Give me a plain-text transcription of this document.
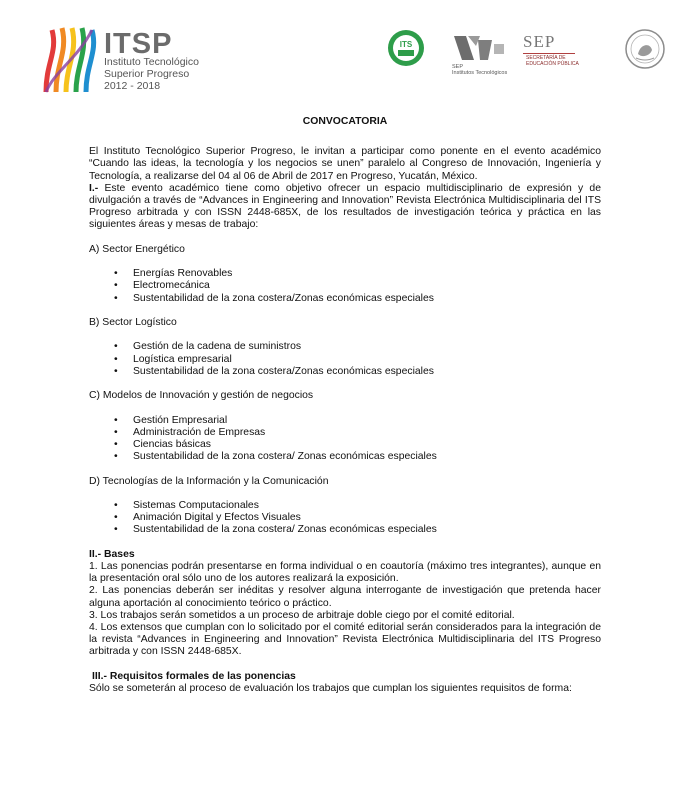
ITSP
Instituto Tecnológico
Superior Progreso
2012 - 2018
ITS
SEP
Institutos Tecnológicos
SEP
SECRETARÍA DE
EDUCACIÓN PÚBLICA

CONVOCATORIA

El Instituto Tecnológico Superior Progreso, le invitan a participar como ponente en el evento académico “Cuando las ideas, la tecnología y los negocios se unen” paralelo al Congreso de Innovación, Ingeniería y Tecnología, a realizarse del 04 al 06 de Abril de 2017 en Progreso, Yucatán, México.

I.- Este evento académico tiene como objetivo ofrecer un espacio multidisciplinario de expresión y de divulgación a través de “Advances in Engineering and Innovation” Revista Electrónica Multidisciplinaria del ITS Progreso arbitrada y con ISSN 2448-685X, de los resultados de investigación teórica y práctica en las siguientes áreas y mesas de trabajo:

A) Sector Energético

• Energías Renovables
• Electromecánica
• Sustentabilidad de la zona costera/Zonas económicas especiales

B) Sector Logístico

• Gestión de la cadena de suministros
• Logística empresarial
• Sustentabilidad de la zona costera/Zonas económicas especiales

C) Modelos de Innovación y gestión de negocios

• Gestión Empresarial
• Administración de Empresas
• Ciencias básicas
• Sustentabilidad de la zona costera/ Zonas económicas especiales

D) Tecnologías de la Información y la Comunicación

• Sistemas Computacionales
• Animación Digital y Efectos Visuales
• Sustentabilidad de la zona costera/ Zonas económicas especiales

II.- Bases

1. Las ponencias podrán presentarse en forma individual o en coautoría (máximo tres integrantes), aunque en la presentación oral sólo uno de los autores realizará la exposición.

2. Las ponencias deberán ser inéditas y resolver alguna interrogante de investigación que pretenda hacer alguna aportación al conocimiento teórico o práctico.

3. Los trabajos serán sometidos a un proceso de arbitraje doble ciego por el comité editorial.

4. Los extensos que cumplan con lo solicitado por el comité editorial serán considerados para la integración de la revista “Advances in Engineering and Innovation” Revista Electrónica Multidisciplinaria del ITS Progreso arbitrada y con ISSN 2448-685X.

III.- Requisitos formales de las ponencias

Sólo se someterán al proceso de evaluación los trabajos que cumplan los siguientes requisitos de forma:
